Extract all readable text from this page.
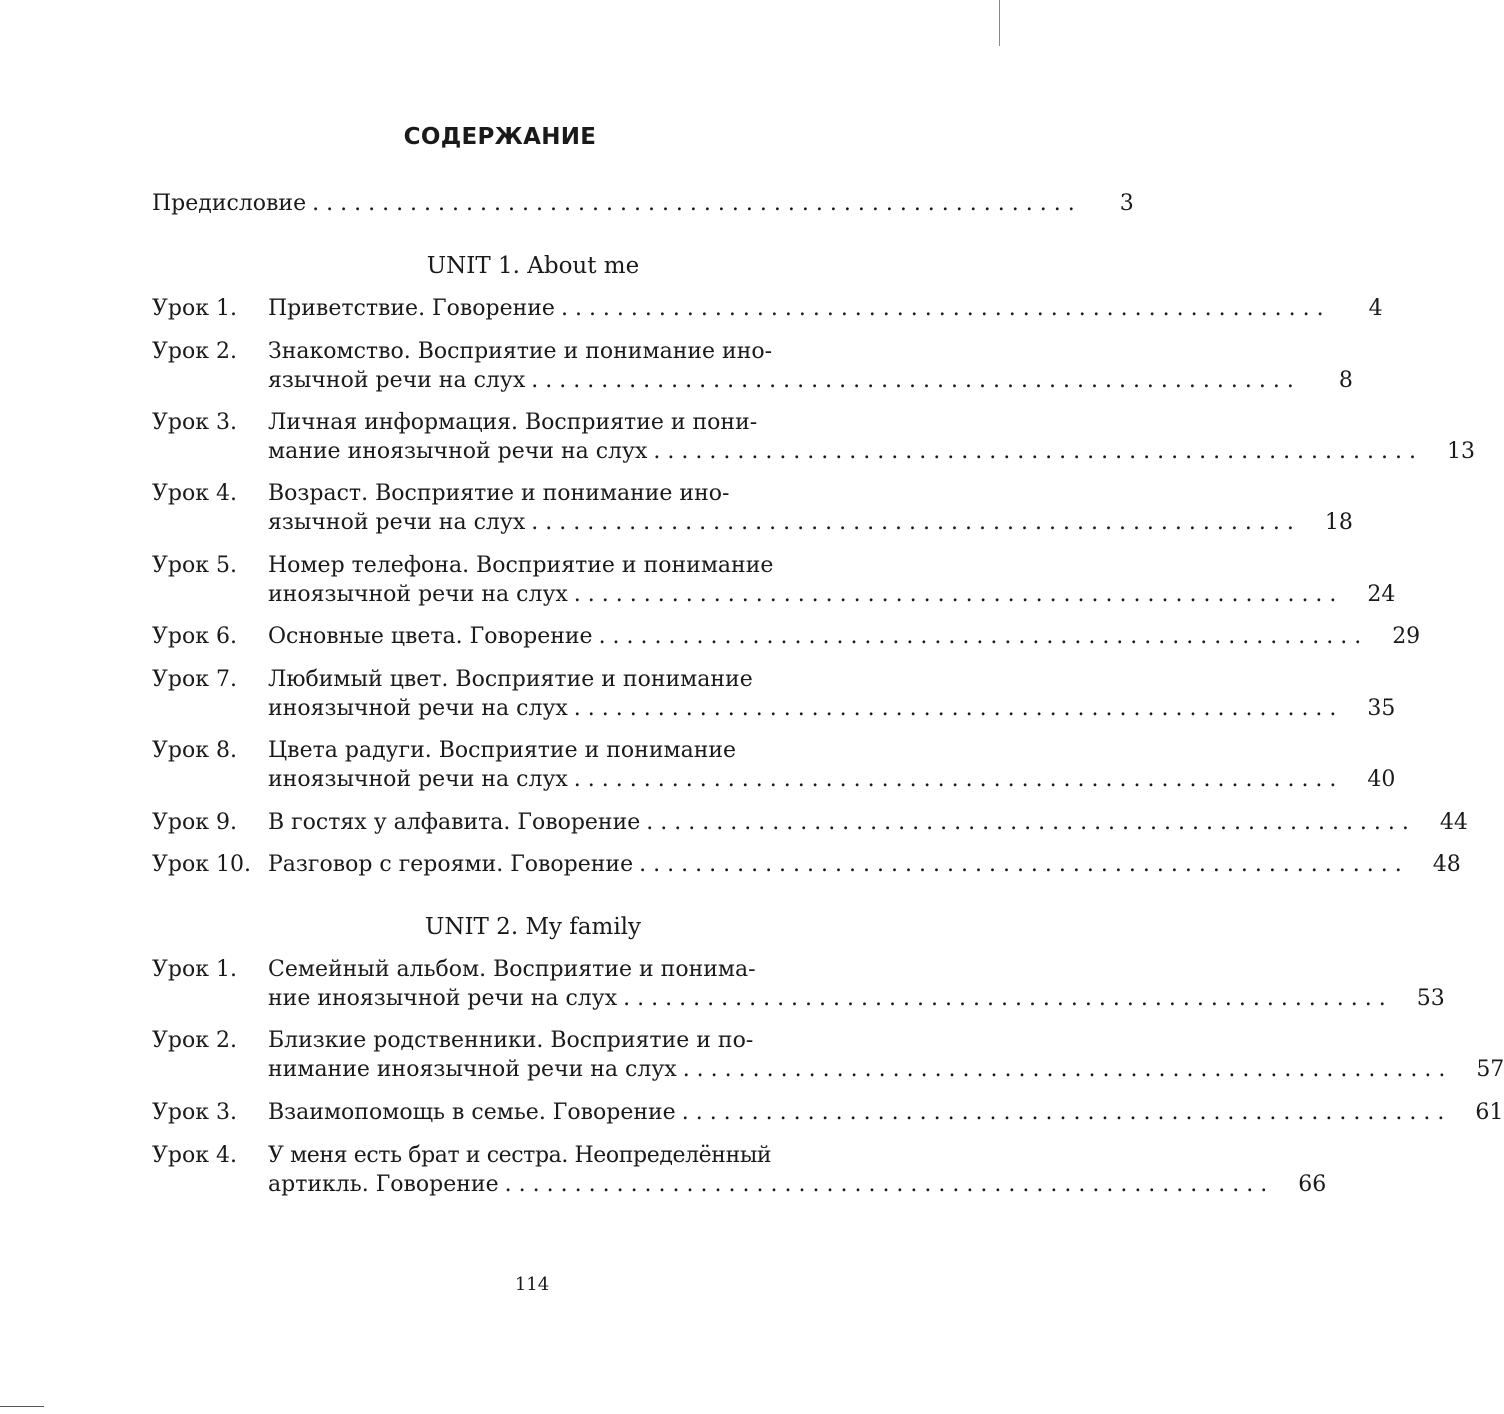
СОДЕРЖАНИЕ
Предисловие .......................................................	3
UNIT 1. About me
Урок 1. Приветствие. Говорение .......................................................	4
Урок 2. Знакомство. Восприятие и понимание ино-
язычной речи на слух .......................................................	8
Урок 3. Личная информация. Восприятие и пони-
мание иноязычной речи на слух ....................................................... 13
Урок 4. Возраст. Восприятие и понимание ино-
язычной речи на слух ....................................................... 18
Урок 5. Номер телефона. Восприятие и понимание
иноязычной речи на слух ....................................................... 24
Урок 6. Основные цвета. Говорение ....................................................... 29
Урок 7. Любимый цвет. Восприятие и понимание
иноязычной речи на слух ....................................................... 35
Урок 8. Цвета радуги. Восприятие и понимание
иноязычной речи на слух ....................................................... 40
Урок 9. В гостях у алфавита. Говорение ....................................................... 44
Урок 10. Разговор с героями. Говорение ....................................................... 48
UNIT 2. My family
Урок 1. Семейный альбом. Восприятие и понима-
ние иноязычной речи на слух ....................................................... 53
Урок 2. Близкие родственники. Восприятие и по-
нимание иноязычной речи на слух ....................................................... 57
Урок 3. Взаимопомощь в семье. Говорение ....................................................... 61
Урок 4. У меня есть брат и сестра. Неопределённый
артикль. Говорение ....................................................... 66
114
